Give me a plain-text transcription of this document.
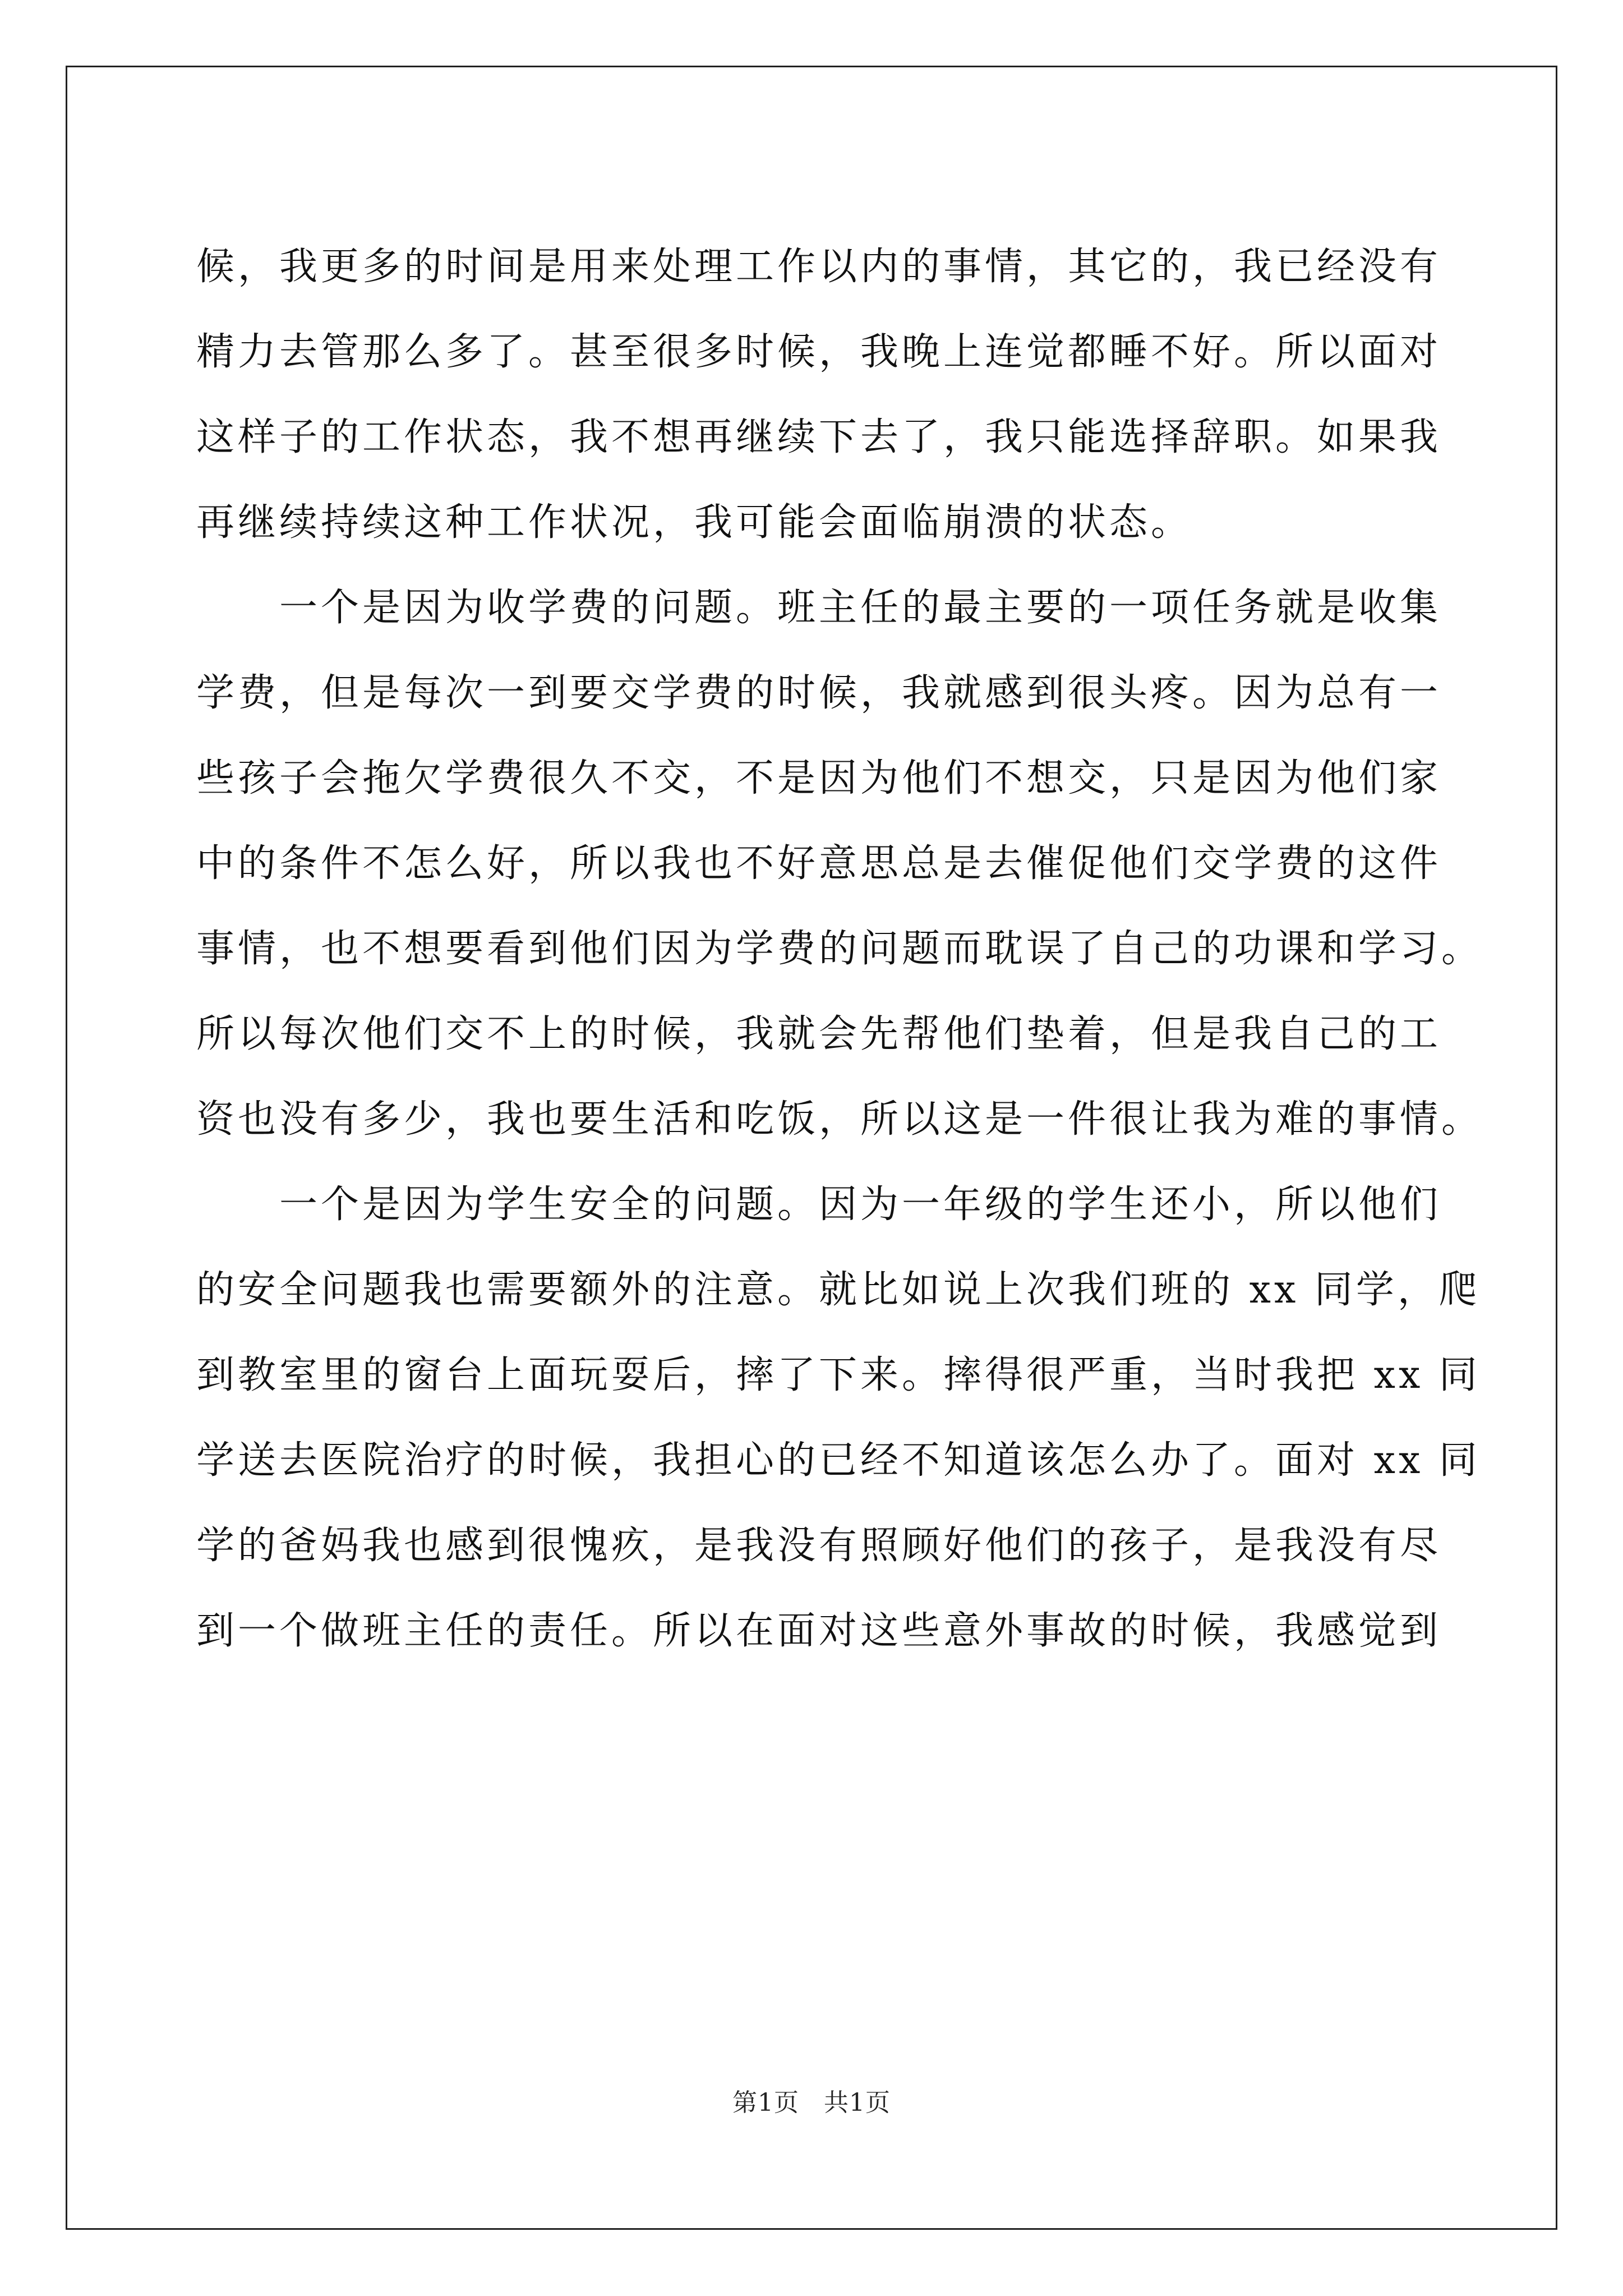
候，我更多的时间是用来处理工作以内的事情，其它的，我已经没有
精力去管那么多了。甚至很多时候，我晚上连觉都睡不好。所以面对
这样子的工作状态，我不想再继续下去了，我只能选择辞职。如果我
再继续持续这种工作状况，我可能会面临崩溃的状态。
　　一个是因为收学费的问题。班主任的最主要的一项任务就是收集
学费，但是每次一到要交学费的时候，我就感到很头疼。因为总有一
些孩子会拖欠学费很久不交，不是因为他们不想交，只是因为他们家
中的条件不怎么好，所以我也不好意思总是去催促他们交学费的这件
事情，也不想要看到他们因为学费的问题而耽误了自己的功课和学习。
所以每次他们交不上的时候，我就会先帮他们垫着，但是我自己的工
资也没有多少，我也要生活和吃饭，所以这是一件很让我为难的事情。
　　一个是因为学生安全的问题。因为一年级的学生还小，所以他们
的安全问题我也需要额外的注意。就比如说上次我们班的 xx 同学，爬
到教室里的窗台上面玩耍后，摔了下来。摔得很严重，当时我把 xx 同
学送去医院治疗的时候，我担心的已经不知道该怎么办了。面对 xx 同
学的爸妈我也感到很愧疚，是我没有照顾好他们的孩子，是我没有尽
到一个做班主任的责任。所以在面对这些意外事故的时候，我感觉到
第1页 共1页
